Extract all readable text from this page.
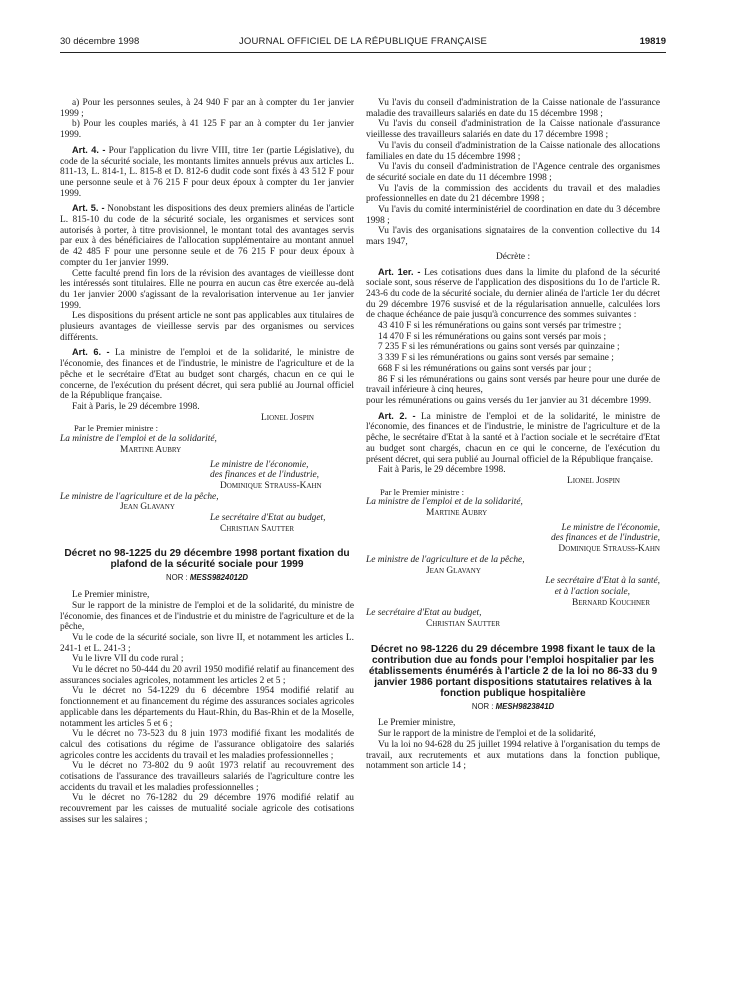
30 décembre 1998	JOURNAL OFFICIEL DE LA RÉPUBLIQUE FRANÇAISE	19819

a) Pour les personnes seules, à 24 940 F par an à compter du 1er janvier 1999 ;

b) Pour les couples mariés, à 41 125 F par an à compter du 1er janvier 1999.

Art. 4. - Pour l'application du livre VIII, titre 1er (partie Législative), du code de la sécurité sociale, les montants limites annuels prévus aux articles L. 811-13, L. 814-1, L. 815-8 et D. 812-6 dudit code sont fixés à 43 512 F pour une personne seule et à 76 215 F pour deux époux à compter du 1er janvier 1999.

Art. 5. - Nonobstant les dispositions des deux premiers alinéas de l'article L. 815-10 du code de la sécurité sociale, les organismes et services sont autorisés à porter, à titre provisionnel, le montant total des avantages servis par eux à des bénéficiaires de l'allocation supplémentaire au montant annuel de 42 485 F pour une personne seule et de 76 215 F pour deux époux à compter du 1er janvier 1999.

Cette faculté prend fin lors de la révision des avantages de vieillesse dont les intéressés sont titulaires. Elle ne pourra en aucun cas être exercée au-delà du 1er janvier 2000 s'agissant de la revalorisation intervenue au 1er janvier 1999.

Les dispositions du présent article ne sont pas applicables aux titulaires de plusieurs avantages de vieillesse servis par des organismes ou services différents.

Art. 6. - La ministre de l'emploi et de la solidarité, le ministre de l'économie, des finances et de l'industrie, le ministre de l'agriculture et de la pêche et le secrétaire d'Etat au budget sont chargés, chacun en ce qui le concerne, de l'exécution du présent décret, qui sera publié au Journal officiel de la République française.

Fait à Paris, le 29 décembre 1998.

Lionel Jospin

Par le Premier ministre :

La ministre de l'emploi et de la solidarité,

Martine Aubry

Le ministre de l'économie,

des finances et de l'industrie,

Dominique Strauss-Kahn

Le ministre de l'agriculture et de la pêche,

Jean Glavany

Le secrétaire d'Etat au budget,

Christian Sautter

Décret no 98-1225 du 29 décembre 1998 portant fixation du plafond de la sécurité sociale pour 1999

NOR : MESS9824012D

Le Premier ministre,

Sur le rapport de la ministre de l'emploi et de la solidarité, du ministre de l'économie, des finances et de l'industrie et du ministre de l'agriculture et de la pêche,

Vu le code de la sécurité sociale, son livre II, et notamment les articles L. 241-1 et L. 241-3 ;

Vu le livre VII du code rural ;

Vu le décret no 50-444 du 20 avril 1950 modifié relatif au financement des assurances sociales agricoles, notamment les articles 2 et 5 ;

Vu le décret no 54-1229 du 6 décembre 1954 modifié relatif au fonctionnement et au financement du régime des assurances sociales agricoles applicable dans les départements du Haut-Rhin, du Bas-Rhin et de la Moselle, notamment les articles 5 et 6 ;

Vu le décret no 73-523 du 8 juin 1973 modifié fixant les modalités de calcul des cotisations du régime de l'assurance obligatoire des salariés agricoles contre les accidents du travail et les maladies professionnelles ;

Vu le décret no 73-802 du 9 août 1973 relatif au recouvrement des cotisations de l'assurance des travailleurs salariés de l'agriculture contre les accidents du travail et les maladies professionnelles ;

Vu le décret no 76-1282 du 29 décembre 1976 modifié relatif au recouvrement par les caisses de mutualité sociale agricole des cotisations assises sur les salaires ;

Vu l'avis du conseil d'administration de la Caisse nationale de l'assurance maladie des travailleurs salariés en date du 15 décembre 1998 ;

Vu l'avis du conseil d'administration de la Caisse nationale d'assurance vieillesse des travailleurs salariés en date du 17 décembre 1998 ;

Vu l'avis du conseil d'administration de la Caisse nationale des allocations familiales en date du 15 décembre 1998 ;

Vu l'avis du conseil d'administration de l'Agence centrale des organismes de sécurité sociale en date du 11 décembre 1998 ;

Vu l'avis de la commission des accidents du travail et des maladies professionnelles en date du 21 décembre 1998 ;

Vu l'avis du comité interministériel de coordination en date du 3 décembre 1998 ;

Vu l'avis des organisations signataires de la convention collective du 14 mars 1947,

Décrète :

Art. 1er. - Les cotisations dues dans la limite du plafond de la sécurité sociale sont, sous réserve de l'application des dispositions du 1o de l'article R. 243-6 du code de la sécurité sociale, du dernier alinéa de l'article 1er du décret du 29 décembre 1976 susvisé et de la régularisation annuelle, calculées lors de chaque échéance de paie jusqu'à concurrence des sommes suivantes :

43 410 F si les rémunérations ou gains sont versés par trimestre ;

14 470 F si les rémunérations ou gains sont versés par mois ;

7 235 F si les rémunérations ou gains sont versés par quinzaine ;

3 339 F si les rémunérations ou gains sont versés par semaine ;

668 F si les rémunérations ou gains sont versés par jour ;

86 F si les rémunérations ou gains sont versés par heure pour une durée de travail inférieure à cinq heures,

pour les rémunérations ou gains versés du 1er janvier au 31 décembre 1999.

Art. 2. - La ministre de l'emploi et de la solidarité, le ministre de l'économie, des finances et de l'industrie, le ministre de l'agriculture et de la pêche, le secrétaire d'Etat à la santé et à l'action sociale et le secrétaire d'Etat au budget sont chargés, chacun en ce qui le concerne, de l'exécution du présent décret, qui sera publié au Journal officiel de la République française.

Fait à Paris, le 29 décembre 1998.

Lionel Jospin

Par le Premier ministre :

La ministre de l'emploi et de la solidarité,

Martine Aubry

Le ministre de l'économie,

des finances et de l'industrie,

Dominique Strauss-Kahn

Le ministre de l'agriculture et de la pêche,

Jean Glavany

Le secrétaire d'Etat à la santé,

et à l'action sociale,

Bernard Kouchner

Le secrétaire d'Etat au budget,

Christian Sautter

Décret no 98-1226 du 29 décembre 1998 fixant le taux de la contribution due au fonds pour l'emploi hospitalier par les établissements énumérés à l'article 2 de la loi no 86-33 du 9 janvier 1986 portant dispositions statutaires relatives à la fonction publique hospitalière

NOR : MESH9823841D

Le Premier ministre,

Sur le rapport de la ministre de l'emploi et de la solidarité,

Vu la loi no 94-628 du 25 juillet 1994 relative à l'organisation du temps de travail, aux recrutements et aux mutations dans la fonction publique, notamment son article 14 ;
